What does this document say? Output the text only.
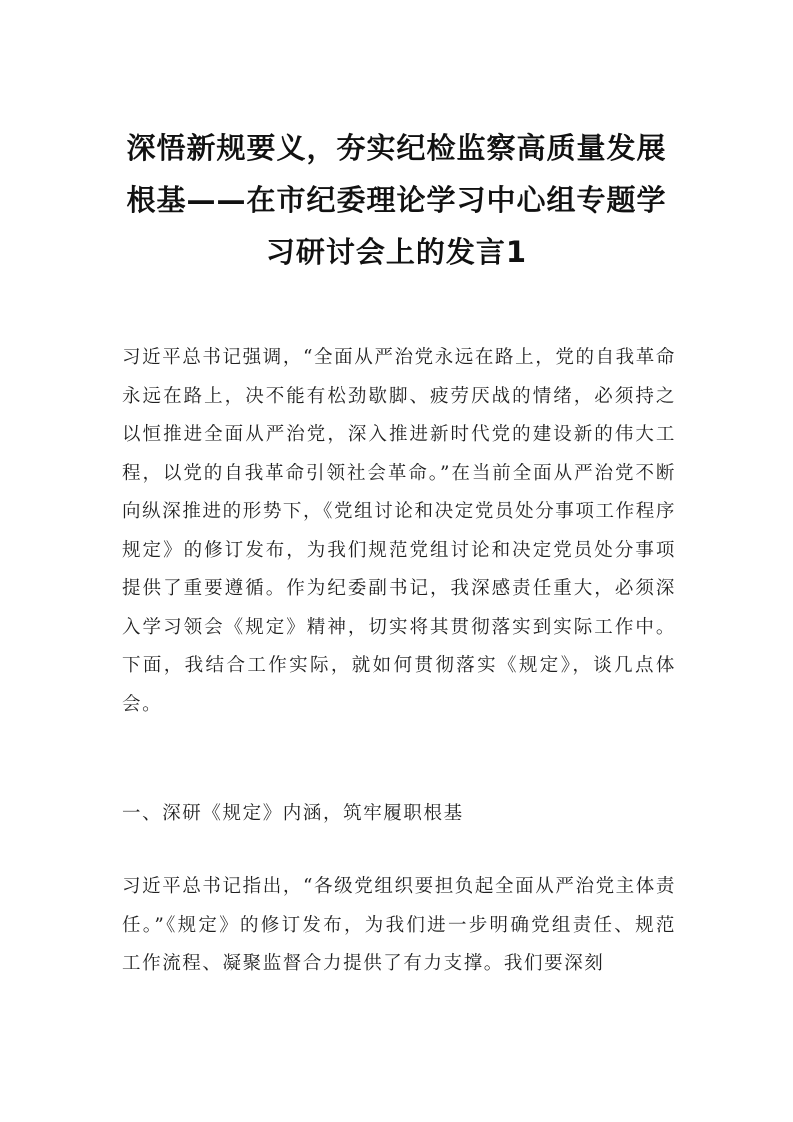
深悟新规要义，夯实纪检监察高质量发展根基——在市纪委理论学习中心组专题学习研讨会上的发言1

习近平总书记强调，“全面从严治党永远在路上，党的自我革命永远在路上，决不能有松劲歇脚、疲劳厌战的情绪，必须持之以恒推进全面从严治党，深入推进新时代党的建设新的伟大工程，以党的自我革命引领社会革命。”在当前全面从严治党不断向纵深推进的形势下，《党组讨论和决定党员处分事项工作程序规定》的修订发布，为我们规范党组讨论和决定党员处分事项提供了重要遵循。作为纪委副书记，我深感责任重大，必须深入学习领会《规定》精神，切实将其贯彻落实到实际工作中。下面，我结合工作实际，就如何贯彻落实《规定》，谈几点体会。

一、深研《规定》内涵，筑牢履职根基

习近平总书记指出，“各级党组织要担负起全面从严治党主体责任。”《规定》的修订发布，为我们进一步明确党组责任、规范工作流程、凝聚监督合力提供了有力支撑。我们要深刻
